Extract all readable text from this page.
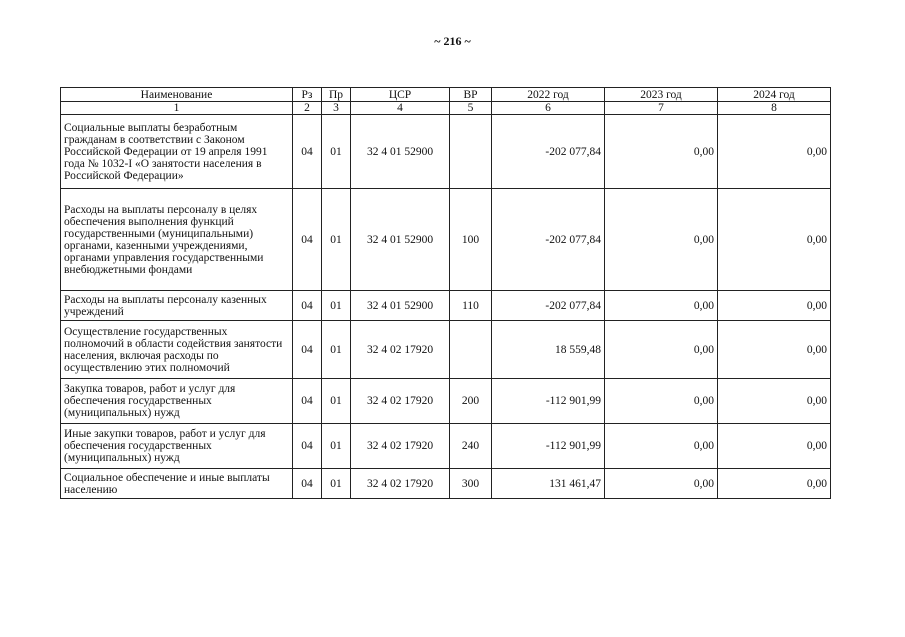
~ 216 ~
Наименование	Рз	Пр	ЦСР	ВР	2022 год	2023 год	2024 год
1	2	3	4	5	6	7	8
Социальные выплаты безработным гражданам в соответствии с Законом Российской Федерации от 19 апреля 1991 года № 1032-I «О занятости населения в Российской Федерации»	04	01	32 4 01 52900		-202 077,84	0,00	0,00
Расходы на выплаты персоналу в целях обеспечения выполнения функций государственными (муниципальными) органами, казенными учреждениями, органами управления государственными внебюджетными фондами	04	01	32 4 01 52900	100	-202 077,84	0,00	0,00
Расходы на выплаты персоналу казенных учреждений	04	01	32 4 01 52900	110	-202 077,84	0,00	0,00
Осуществление государственных полномочий в области содействия занятости населения, включая расходы по осуществлению этих полномочий	04	01	32 4 02 17920		18 559,48	0,00	0,00
Закупка товаров, работ и услуг для обеспечения государственных (муниципальных) нужд	04	01	32 4 02 17920	200	-112 901,99	0,00	0,00
Иные закупки товаров, работ и услуг для обеспечения государственных (муниципальных) нужд	04	01	32 4 02 17920	240	-112 901,99	0,00	0,00
Социальное обеспечение и иные выплаты населению	04	01	32 4 02 17920	300	131 461,47	0,00	0,00
